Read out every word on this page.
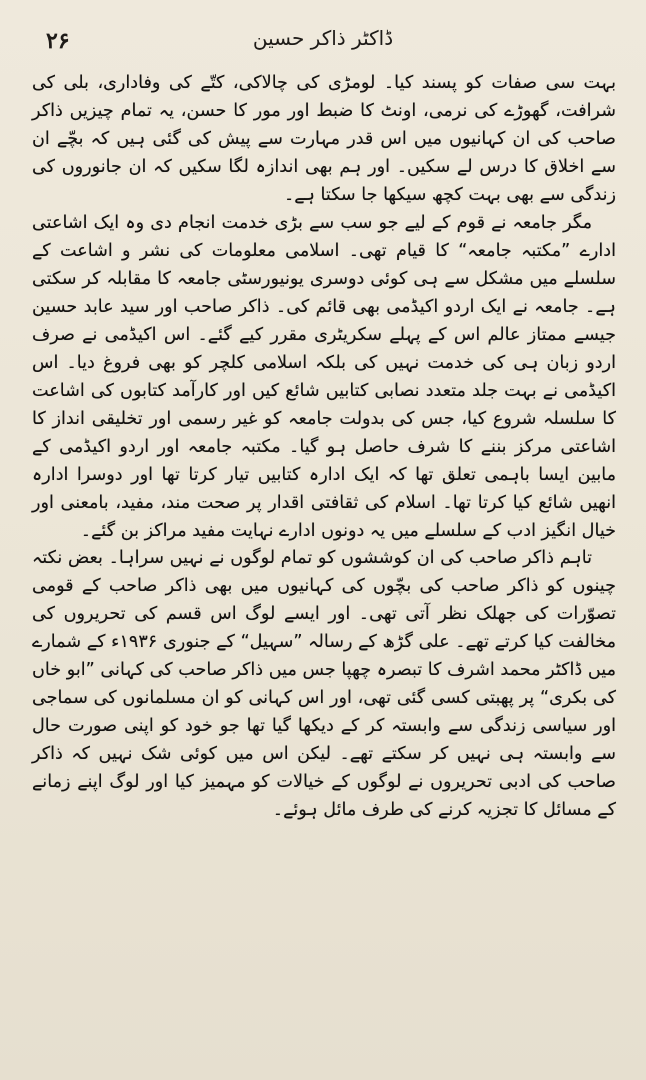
۲۶	ڈاکٹر ذاکر حسین

بہت سی صفات کو پسند کیا۔ لومڑی کی چالاکی، کتّے کی وفاداری، بلی کی شرافت، گھوڑے کی نرمی، اونٹ کا ضبط اور مور کا حسن، یہ تمام چیزیں ذاکر صاحب کی ان کہانیوں میں اس قدر مہارت سے پیش کی گئی ہیں کہ بچّے ان سے اخلاق کا درس لے سکیں۔ اور ہم بھی اندازہ لگا سکیں کہ ان جانوروں کی زندگی سے بھی بہت کچھ سیکھا جا سکتا ہے۔

مگر جامعہ نے قوم کے لیے جو سب سے بڑی خدمت انجام دی وہ ایک اشاعتی ادارے ”مکتبہ جامعہ“ کا قیام تھی۔ اسلامی معلومات کی نشر و اشاعت کے سلسلے میں مشکل سے ہی کوئی دوسری یونیورسٹی جامعہ کا مقابلہ کر سکتی ہے۔ جامعہ نے ایک اردو اکیڈمی بھی قائم کی۔ ذاکر صاحب اور سید عابد حسین جیسے ممتاز عالم اس کے پہلے سکریٹری مقرر کیے گئے۔ اس اکیڈمی نے صرف اردو زبان ہی کی خدمت نہیں کی بلکہ اسلامی کلچر کو بھی فروغ دیا۔ اس اکیڈمی نے بہت جلد متعدد نصابی کتابیں شائع کیں اور کارآمد کتابوں کی اشاعت کا سلسلہ شروع کیا، جس کی بدولت جامعہ کو غیر رسمی اور تخلیقی انداز کا اشاعتی مرکز بننے کا شرف حاصل ہو گیا۔ مکتبہ جامعہ اور اردو اکیڈمی کے مابین ایسا باہمی تعلق تھا کہ ایک ادارہ کتابیں تیار کرتا تھا اور دوسرا ادارہ انھیں شائع کیا کرتا تھا۔ اسلام کی ثقافتی اقدار پر صحت مند، مفید، بامعنی اور خیال انگیز ادب کے سلسلے میں یہ دونوں ادارے نہایت مفید مراکز بن گئے۔

تاہم ذاکر صاحب کی ان کوششوں کو تمام لوگوں نے نہیں سراہا۔ بعض نکتہ چینوں کو ذاکر صاحب کی بچّوں کی کہانیوں میں بھی ذاکر صاحب کے قومی تصوّرات کی جھلک نظر آتی تھی۔ اور ایسے لوگ اس قسم کی تحریروں کی مخالفت کیا کرتے تھے۔ علی گڑھ کے رسالہ ”سہیل“ کے جنوری ۱۹۳۶ء کے شمارے میں ڈاکٹر محمد اشرف کا تبصرہ چھپا جس میں ذاکر صاحب کی کہانی ”ابو خاں کی بکری“ پر پھبتی کسی گئی تھی، اور اس کہانی کو ان مسلمانوں کی سماجی اور سیاسی زندگی سے وابستہ کر کے دیکھا گیا تھا جو خود کو اپنی صورت حال سے وابستہ ہی نہیں کر سکتے تھے۔ لیکن اس میں کوئی شک نہیں کہ ذاکر صاحب کی ادبی تحریروں نے لوگوں کے خیالات کو مہمیز کیا اور لوگ اپنے زمانے کے مسائل کا تجزیہ کرنے کی طرف مائل ہوئے۔
